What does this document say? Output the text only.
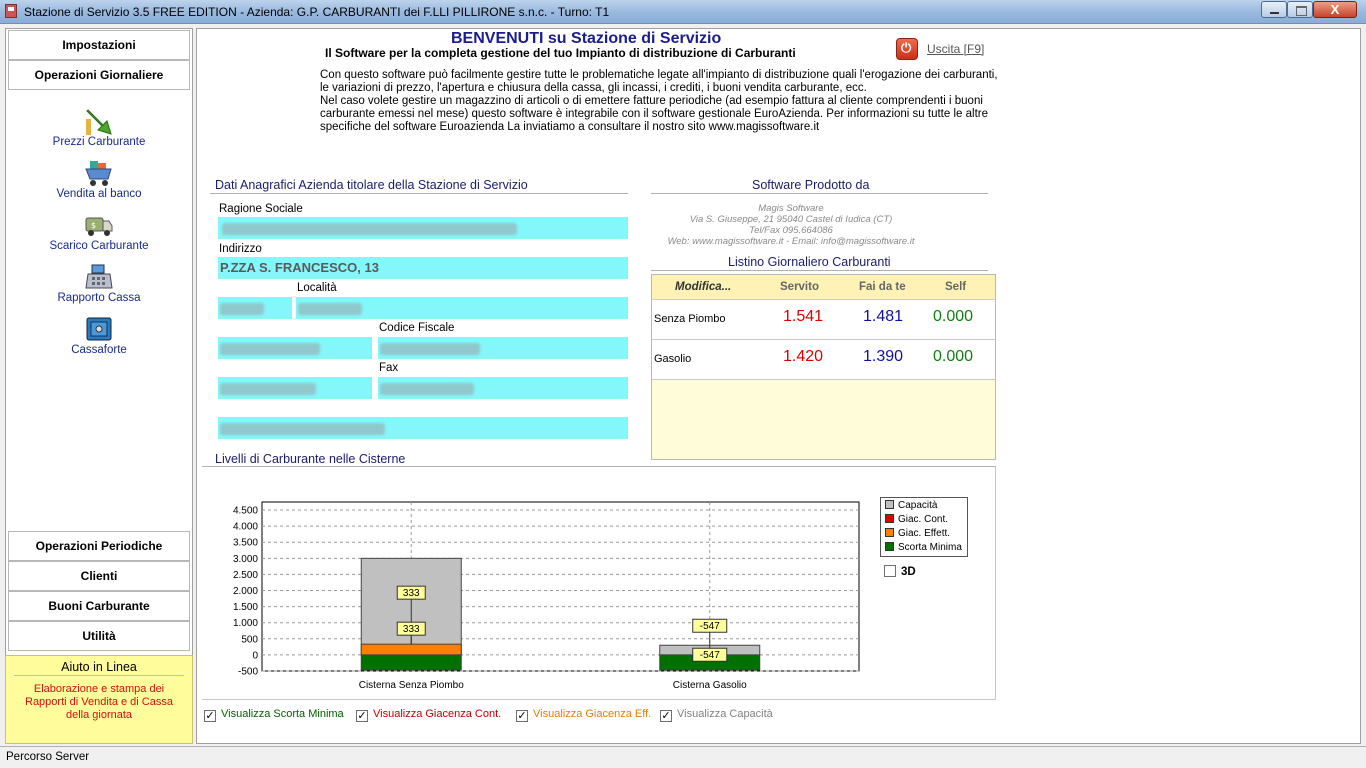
Stazione di Servizio 3.5 FREE EDITION - Azienda: G.P. CARBURANTI dei F.LLI PILLIRONE s.n.c. - Turno: T1	X
Impostazioni
Operazioni Giornaliere
Prezzi Carburante
Vendita al banco
$
Scarico Carburante
Rapporto Cassa
Cassaforte
Operazioni Periodiche
Clienti
Buoni Carburante
Utilità
Aiuto in Linea
Elaborazione e stampa dei Rapporti di Vendita e di Cassa della giornata
BENVENUTI su Stazione di Servizio
Il Software per la completa gestione del tuo Impianto di distribuzione di Carburanti
⏻	Uscita [F9]
Con questo software può facilmente gestire tutte le problematiche legate all'impianto di distribuzione quali l'erogazione dei carburanti, le variazioni di prezzo, l'apertura e chiusura della cassa, gli incassi, i crediti, i buoni vendita carburante, ecc.
Nel caso volete gestire un magazzino di articoli o di emettere fatture periodiche (ad esempio fattura al cliente comprendenti i buoni carburante emessi nel mese) questo software è integrabile con il software gestionale EuroAzienda. Per informazioni su tutte le altre specifiche del software Euroazienda La inviatiamo a consultare il nostro sito www.magissoftware.it
Dati Anagrafici Azienda titolare della Stazione di Servizio
Ragione Sociale
Indirizzo
P.ZZA S. FRANCESCO, 13
Località
Codice Fiscale
Fax
Software Prodotto da
Magis Software
Via S. Giuseppe, 21 95040 Castel di Iudica (CT)
Tel/Fax 095.664086
Web: www.magissoftware.it - Email: info@magissoftware.it
Listino Giornaliero Carburanti
Modifica...	Servito	Fai da te	Self
Senza Piombo	1.541 1.481 0.000
Gasolio	1.420 1.390 0.000
Livelli di Carburante nelle Cisterne
4.500
4.000
3.500
3.000
2.500
2.000
1.500
1.000
500
0
-500
Cisterna Senza Piombo	Cisterna Gasolio
333
333	-547
-547
Capacità
Giac. Cont.
Giac. Effett.
Scorta Minima
3D
✓ Visualizza Scorta Minima ✓ Visualizza Giacenza Cont. ✓ Visualizza Giacenza Eff. ✓ Visualizza Capacità
Percorso Server
